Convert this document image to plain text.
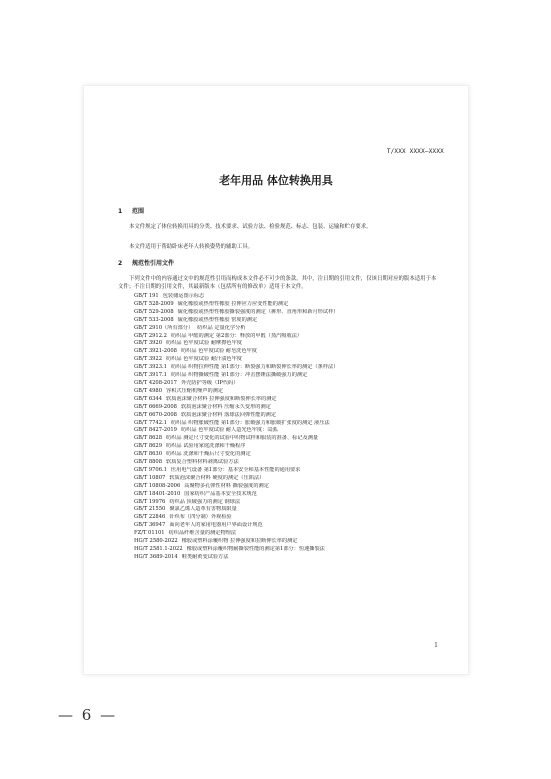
T/XXX XXXX—XXXX
老年用品 体位转换用具
1 范围

本文件规定了体位转换用具的分类、技术要求、试验方法、检验规范、标志、包装、运输和贮存要求。

本文件适用于帮助卧床老年人转换姿势的辅助工具。

2 规范性引用文件

下列文件中的内容通过文中的规范性引用而构成本文件必不可少的条款。其中，注日期的引用文件，仅该日期对应的版本适用于本文件；不注日期的引用文件，其最新版本（包括所有的修改单）适用于本文件。

GB/T 191 包装储运图示标志
GB/T 528-2009 硫化橡胶或热塑性橡胶 拉伸应力应变性能的测定
GB/T 529-2008 硫化橡胶或热塑性橡胶撕裂强度的测定（裤形、直角形和新月形试样）
GB/T 533-2008 硫化橡胶或热塑性橡胶 密度的测定
GB/T 2910（所有部分） 纺织品 定量化学分析
GB/T 2912.2 纺织品 甲醛的测定 第2部分：释放的甲醛（蒸汽吸收法）
GB/T 3920 纺织品 色牢度试验 耐摩擦色牢度
GB/T 3921-2008 纺织品 色牢度试验 耐皂洗色牢度
GB/T 3922 纺织品 色牢度试验 耐汗渍色牢度
GB/T 3923.1 纺织品 织物拉伸性能 第1部分：断裂强力和断裂伸长率的测定（条样法）
GB/T 3917.1 纺织品 织物撕破性能 第1部分：冲击摆锤法撕破强力的测定
GB/T 4208-2017 外壳防护等级（IP代码）
GB/T 4980 容积式压缩机噪声的测定
GB/T 6344 软质泡沫聚合材料 拉伸强度和断裂伸长率的测定
GB/T 6669-2008 软质泡沫聚合材料 压缩永久变形的测定
GB/T 6670-2008 软质泡沫聚合材料 落球法回弹性能的测定
GB/T 7742.1 纺织品 织物胀破性能 第1部分：胀破强力和胀破扩张度的测定 液压法
GB/T 8427-2019 纺织品 色牢度试验 耐人造光色牢度：氙弧
GB/T 8628 纺织品 测定尺寸变化的试验中织物试样和服装的准备、标记及测量
GB/T 8629 纺织品 试验用家庭洗涤和干燥程序
GB/T 8630 纺织品 洗涤和干燥后尺寸变化的测定
GB/T 8808 软质复合塑料材料剥离试验方法
GB/T 9706.1 医用电气设备 第1部分：基本安全和基本性能的通用要求
GB/T 10807 软质泡沫聚合材料 硬度的测定（压陷法）
GB/T 10808-2006 高聚物多孔弹性材料 撕裂强度的测定
GB/T 18401-2010 国家纺织产品基本安全技术规范
GB/T 19976 纺织品 顶破强力的测定 钢球法
GB/T 21550 聚氯乙烯人造革有害物质限量
GB/T 22846 针织布（四分制）外观检验
GB/T 36947 面向老年人的家用电器用户界面设计规范
FZ/T 01101 纺织品纤维含量的测定物理法
HG/T 2580-2022 橡胶或塑料涂覆织物 拉伸强度和拉断伸长率的测定
HG/T 2581.1-2022 橡胶或塑料涂覆织物耐撕裂性能的测定第1部分：恒速撕裂法
HG/T 3689-2014 鞋类耐黄变试验方法
1
— 6 —
